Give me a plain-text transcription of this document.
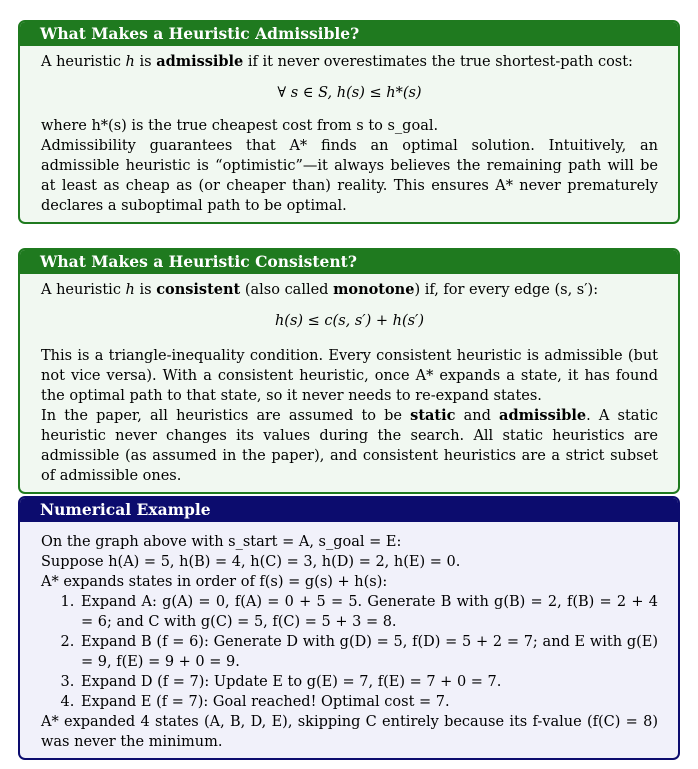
What Makes a Heuristic Admissible?

A heuristic h is admissible if it never overestimates the true shortest-path cost:

∀ s ∈ S, h(s) ≤ h*(s)

where h*(s) is the true cheapest cost from s to s_goal.

Admissibility guarantees that A* finds an optimal solution. Intuitively, an admissible heuristic is “optimistic”—it always believes the remaining path will be at least as cheap as (or cheaper than) reality. This ensures A* never prematurely declares a suboptimal path to be optimal.

What Makes a Heuristic Consistent?

A heuristic h is consistent (also called monotone) if, for every edge (s, s′):

h(s) ≤ c(s, s′) + h(s′)

This is a triangle-inequality condition. Every consistent heuristic is admissible (but not vice versa). With a consistent heuristic, once A* expands a state, it has found the optimal path to that state, so it never needs to re-expand states.

In the paper, all heuristics are assumed to be static and admissible. A static heuristic never changes its values during the search. All static heuristics are admissible (as assumed in the paper), and consistent heuristics are a strict subset of admissible ones.

Numerical Example

On the graph above with s_start = A, s_goal = E:

Suppose h(A) = 5, h(B) = 4, h(C) = 3, h(D) = 2, h(E) = 0.

A* expands states in order of f(s) = g(s) + h(s):

1. Expand A: g(A) = 0, f(A) = 0 + 5 = 5. Generate B with g(B) = 2, f(B) = 2 + 4 = 6; and C with g(C) = 5, f(C) = 5 + 3 = 8.
2. Expand B (f = 6): Generate D with g(D) = 5, f(D) = 5 + 2 = 7; and E with g(E) = 9, f(E) = 9 + 0 = 9.
3. Expand D (f = 7): Update E to g(E) = 7, f(E) = 7 + 0 = 7.
4. Expand E (f = 7): Goal reached! Optimal cost = 7.

A* expanded 4 states (A, B, D, E), skipping C entirely because its f-value (f(C) = 8) was never the minimum.
